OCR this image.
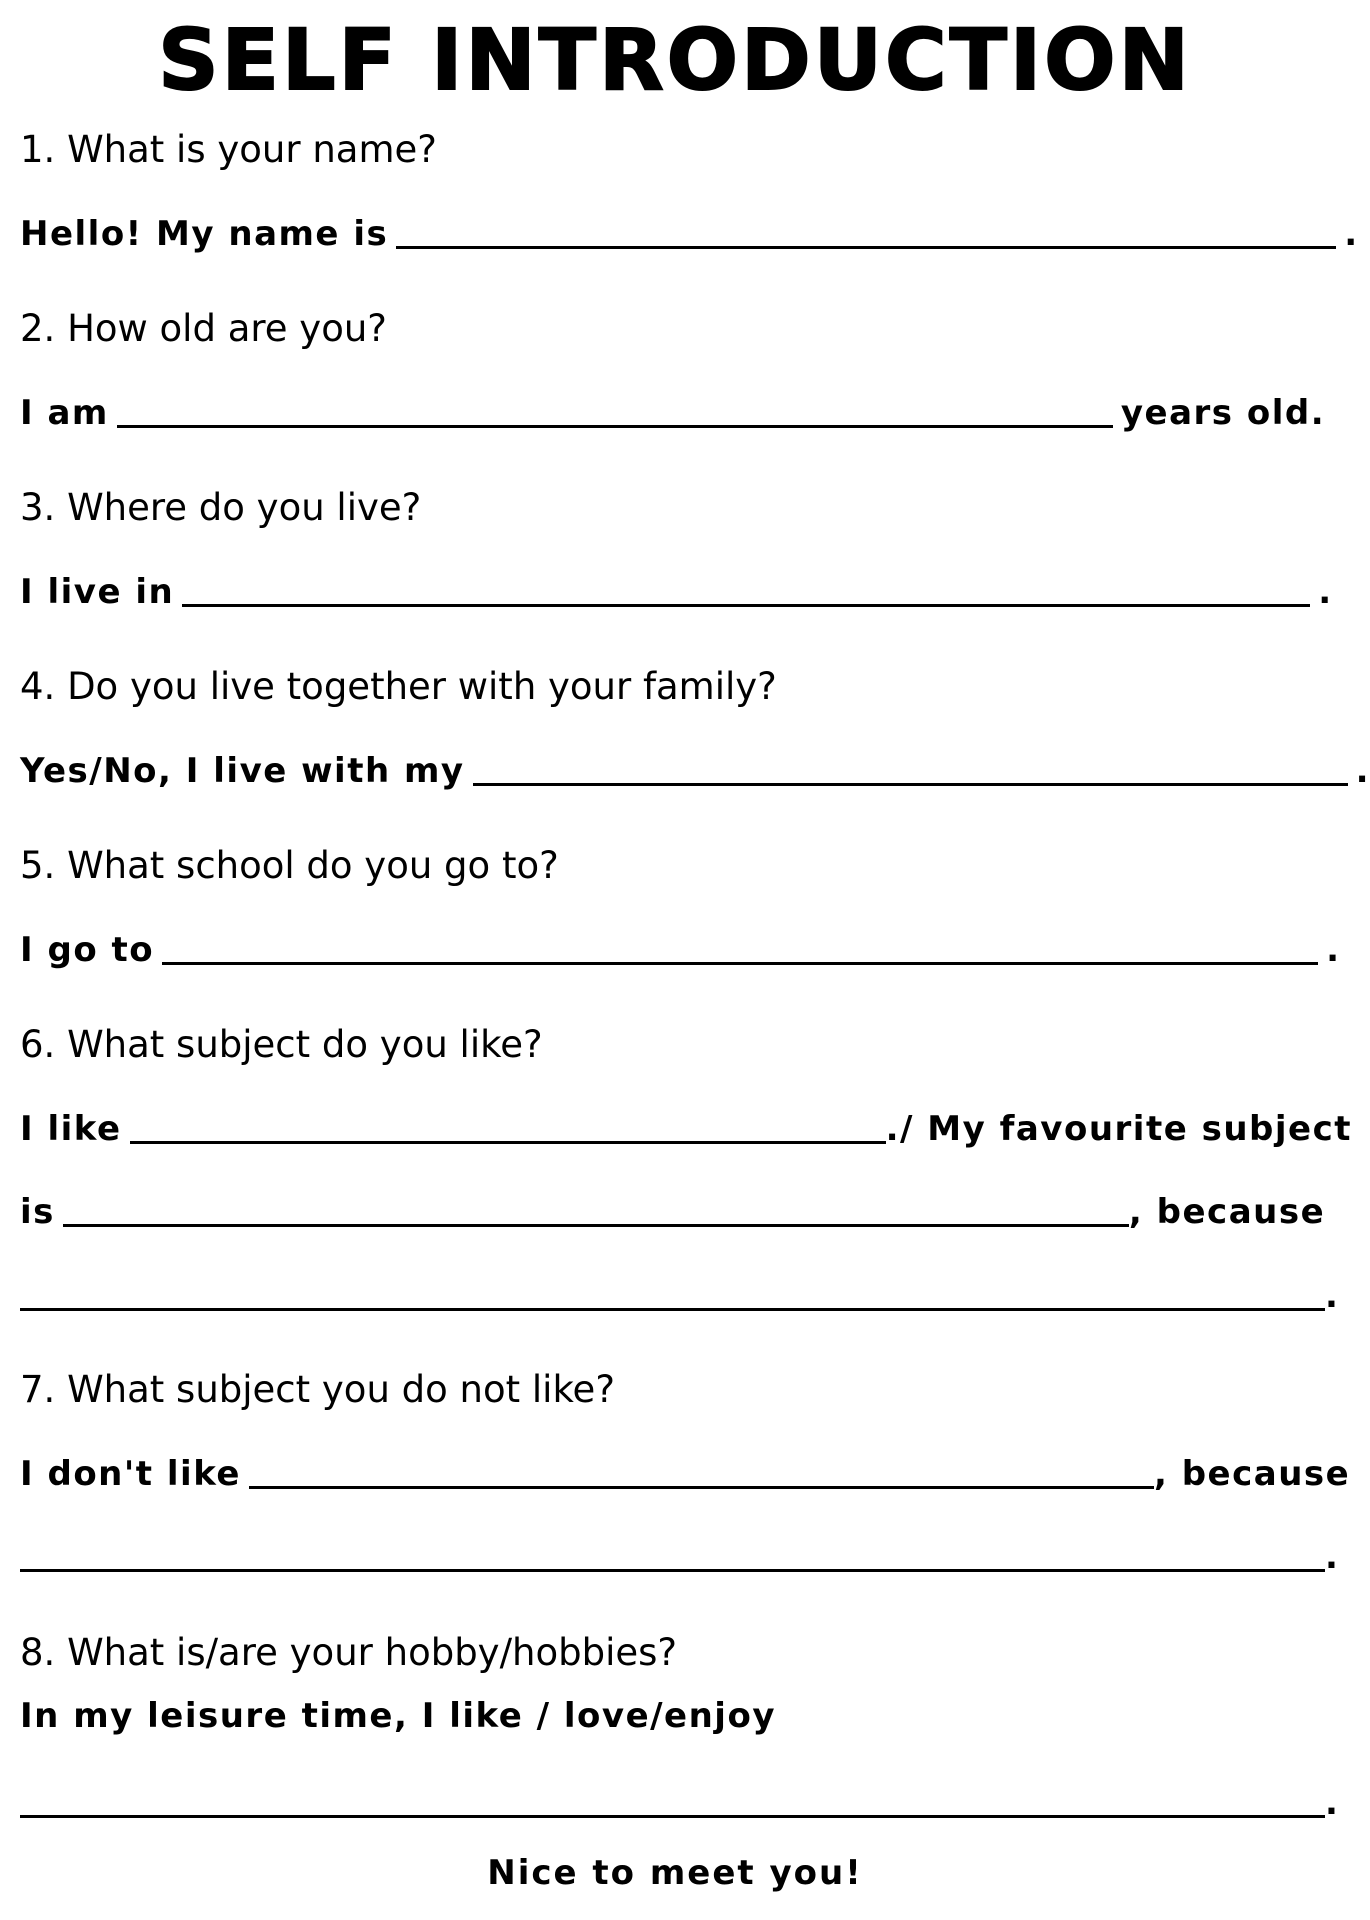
SELF INTRODUCTION

1. What is your name?

Hello! My name is	.

2. How old are you?

I am	years old.

3. Where do you live?

I live in	.

4. Do you live together with your family?

Yes/No, I live with my	.

5. What school do you go to?

I go to	.

6. What subject do you like?

I like	./ My favourite subject
is	, because
.

7. What subject you do not like?

I don't like	, because
.

8. What is/are your hobby/hobbies?

In my leisure time, I like / love/enjoy
.
Nice to meet you!
